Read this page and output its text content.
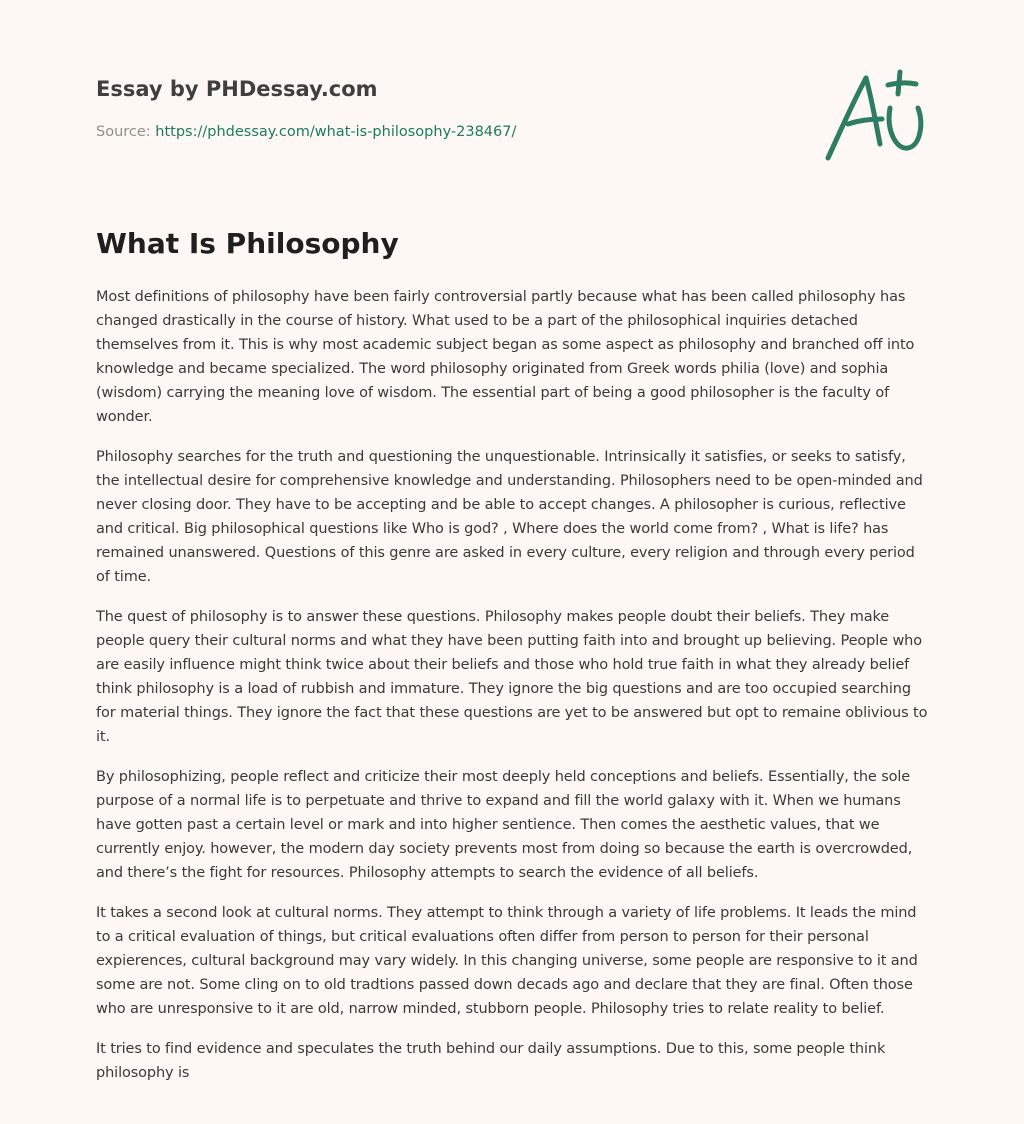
Essay by PHDessay.com
Source: https://phdessay.com/what-is-philosophy-238467/
What Is Philosophy

Most definitions of philosophy have been fairly controversial partly because what has been called philosophy has changed drastically in the course of history. What used to be a part of the philosophical inquiries detached themselves from it. This is why most academic subject began as some aspect as philosophy and branched off into knowledge and became specialized. The word philosophy originated from Greek words philia (love) and sophia (wisdom) carrying the meaning love of wisdom. The essential part of being a good philosopher is the faculty of wonder.

Philosophy searches for the truth and questioning the unquestionable. Intrinsically it satisfies, or seeks to satisfy, the intellectual desire for comprehensive knowledge and understanding. Philosophers need to be open-minded and never closing door. They have to be accepting and be able to accept changes. A philosopher is curious, reflective and critical. Big philosophical questions like Who is god? , Where does the world come from? , What is life? has remained unanswered. Questions of this genre are asked in every culture, every religion and through every period of time.

The quest of philosophy is to answer these questions. Philosophy makes people doubt their beliefs. They make people query their cultural norms and what they have been putting faith into and brought up believing. People who are easily influence might think twice about their beliefs and those who hold true faith in what they already belief think philosophy is a load of rubbish and immature. They ignore the big questions and are too occupied searching for material things. They ignore the fact that these questions are yet to be answered but opt to remaine oblivious to it.

By philosophizing, people reflect and criticize their most deeply held conceptions and beliefs. Essentially, the sole purpose of a normal life is to perpetuate and thrive to expand and fill the world galaxy with it. When we humans have gotten past a certain level or mark and into higher sentience. Then comes the aesthetic values, that we currently enjoy. however, the modern day society prevents most from doing so because the earth is overcrowded, and there’s the fight for resources. Philosophy attempts to search the evidence of all beliefs.

It takes a second look at cultural norms. They attempt to think through a variety of life problems. It leads the mind to a critical evaluation of things, but critical evaluations often differ from person to person for their personal expierences, cultural background may vary widely. In this changing universe, some people are responsive to it and some are not. Some cling on to old tradtions passed down decads ago and declare that they are final. Often those who are unresponsive to it are old, narrow minded, stubborn people. Philosophy tries to relate reality to belief.

It tries to find evidence and speculates the truth behind our daily assumptions. Due to this, some people think philosophy is
